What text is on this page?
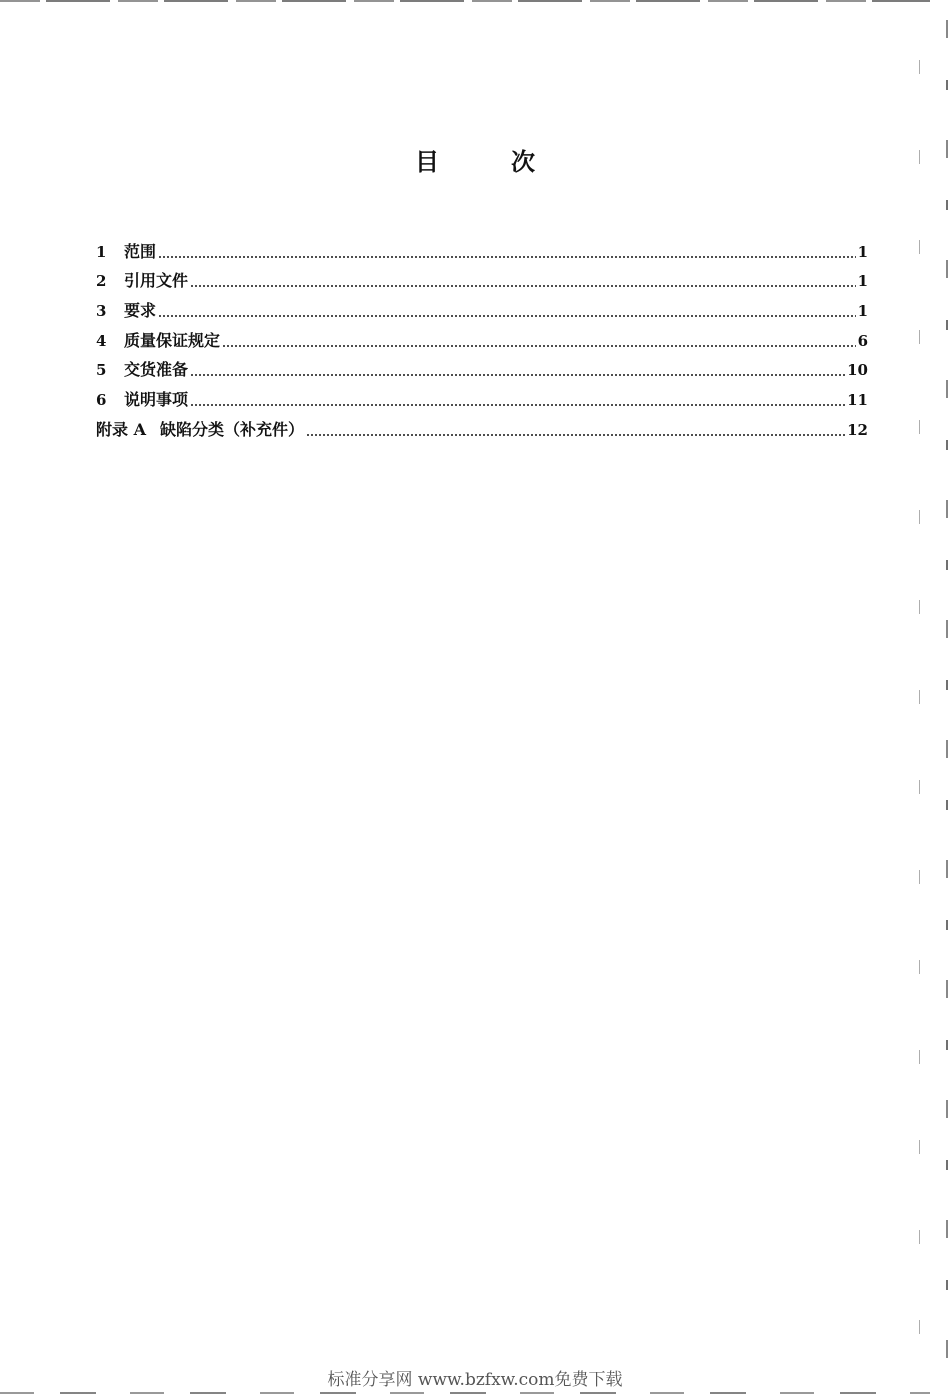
目	次
1	范围	1
2	引用文件	1
3	要求	1
4	质量保证规定	6
5	交货准备	10
6	说明事项	11
附录 A 缺陷分类（补充件）	12
标准分享网 www.bzfxw.com免费下载
